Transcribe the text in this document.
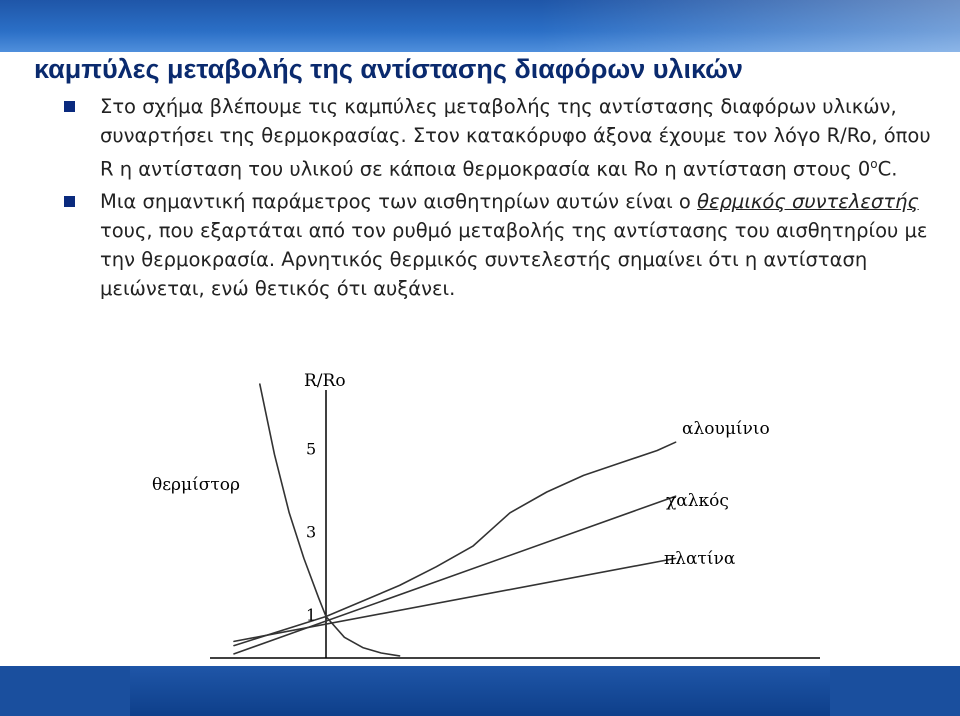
καμπύλες μεταβολής της αντίστασης διαφόρων υλικών
Στο σχήμα βλέπουμε τις καμπύλες μεταβολής της αντίστασης διαφόρων υλικών, συναρτήσει της θερμοκρασίας. Στον κατακόρυφο άξονα έχουμε τον λόγο R/Ro, όπου R η αντίσταση του υλικού σε κάποια θερμοκρασία και Ro η αντίσταση στους $0^oC$.
Μια σημαντική παράμετρος των αισθητηρίων αυτών είναι ο θερμικός συντελεστής τους, που εξαρτάται από τον ρυθμό μεταβολής της αντίστασης του αισθητηρίου με την θερμοκρασία. Αρνητικός θερμικός συντελεστής σημαίνει ότι η αντίσταση μειώνεται, ενώ θετικός ότι αυξάνει.
R/Ro
1
3
5
αλουμίνιο
χαλκός
πλατίνα
θερμίστορ
